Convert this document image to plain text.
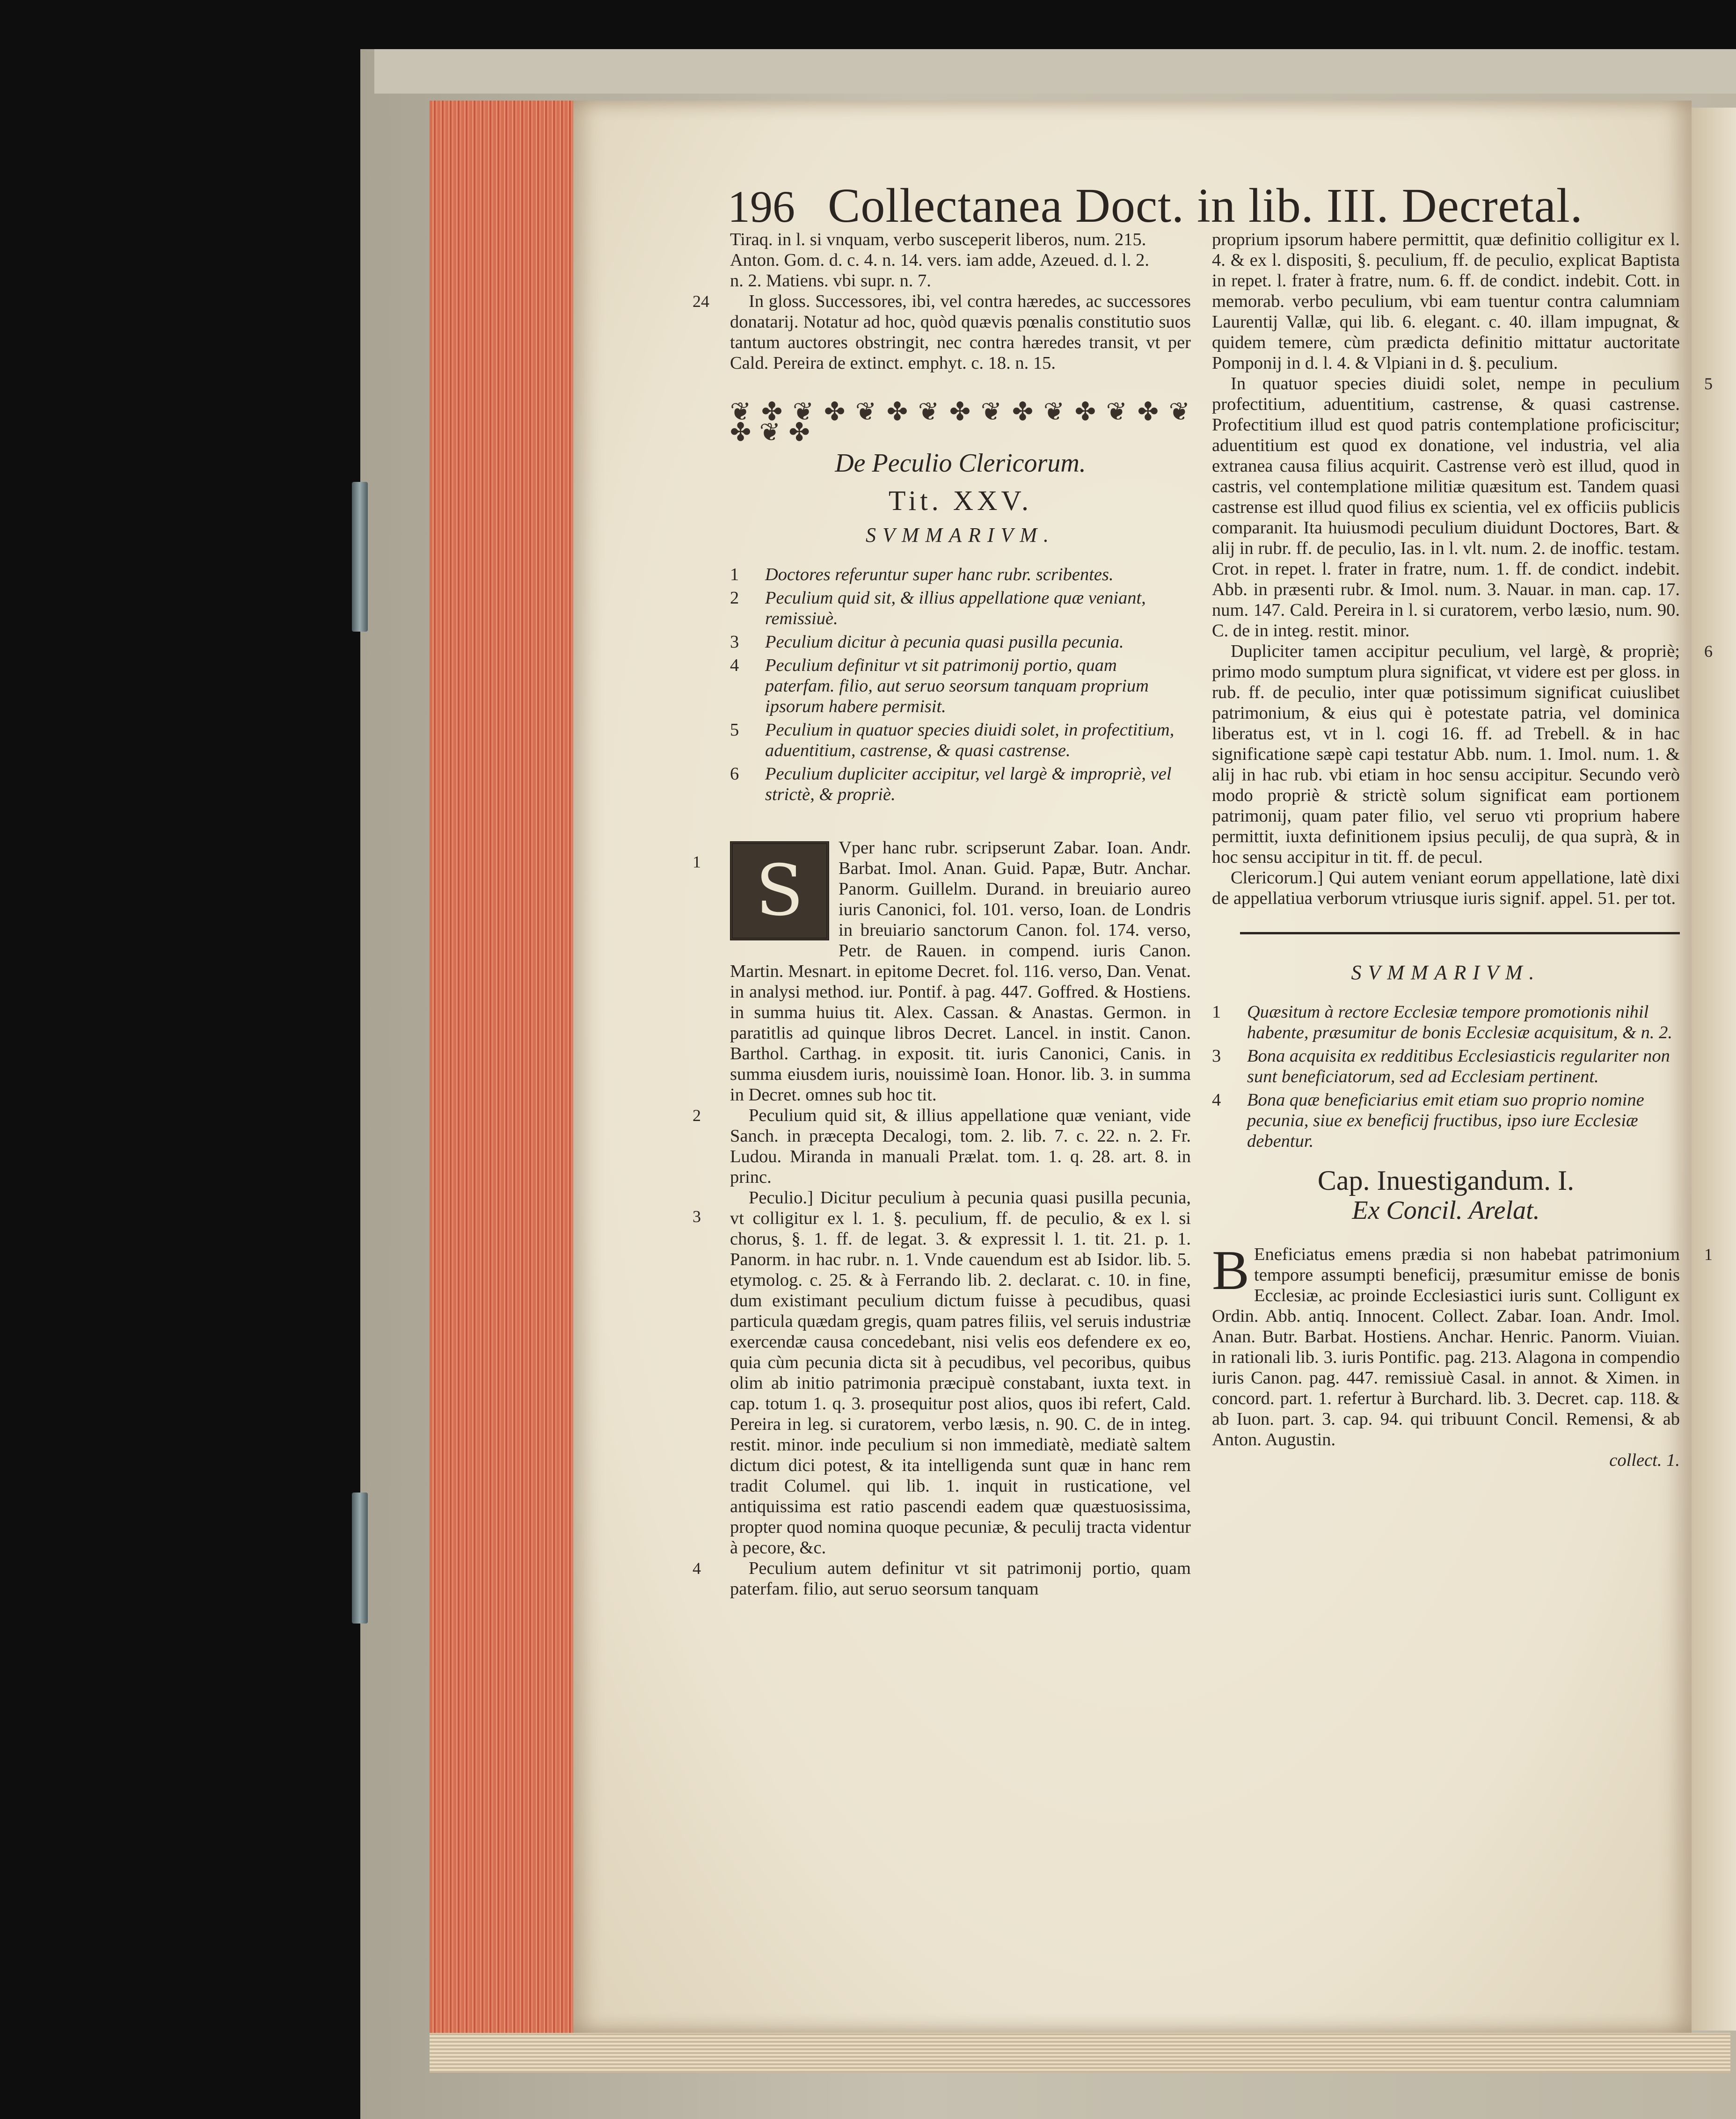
196 Collectanea Doct. in lib. III. Decretal.

Tiraq. in l. si vnquam, verbo susceperit liberos, num. 215.

Anton. Gom. d. c. 4. n. 14. vers. iam adde, Azeued. d. l. 2.

n. 2. Matiens. vbi supr. n. 7.

24	In gloss. Successores, ibi, vel contra hæredes, ac successores donatarij. Notatur ad hoc, quòd quævis pœnalis constitutio suos tantum auctores obstringit, nec contra hæredes transit, vt per Cald. Pereira de extinct. emphyt. c. 18. n. 15.

❦ ✤ ❦ ✤ ❦ ✤ ❦ ✤ ❦ ✤ ❦ ✤ ❦ ✤ ❦ ✤ ❦ ✤
De Peculio Clericorum.
Tit. XXV.
SVMMARIVM.
1	Doctores referuntur super hanc rubr. scribentes.
2	Peculium quid sit, & illius appellatione quæ veniant, remissiuè.
3	Peculium dicitur à pecunia quasi pusilla pecunia.
4	Peculium definitur vt sit patrimonij portio, quam paterfam. filio, aut seruo seorsum tanquam proprium ipsorum habere permisit.
5	Peculium in quatuor species diuidi solet, in profectitium, aduentitium, castrense, & quasi castrense.
6	Peculium dupliciter accipitur, vel largè & impropriè, vel strictè, & propriè.
1 S

Vper hanc rubr. scripserunt Zabar. Ioan. Andr. Barbat. Imol. Anan. Guid. Papæ, Butr. Anchar. Panorm. Guillelm. Durand. in breuiario aureo iuris Canonici, fol. 101. verso, Ioan. de Londris in breuiario sanctorum Canon. fol. 174. verso, Petr. de Rauen. in compend. iuris Canon. Martin. Mesnart. in epitome Decret. fol. 116. verso, Dan. Venat. in analysi method. iur. Pontif. à pag. 447. Goffred. & Hostiens. in summa huius tit. Alex. Cassan. & Anastas. Germon. in paratitlis ad quinque libros Decret. Lancel. in instit. Canon. Barthol. Carthag. in exposit. tit. iuris Canonici, Canis. in summa eiusdem iuris, nouissimè Ioan. Honor. lib. 3. in summa in Decret. omnes sub hoc tit.

2	Peculium quid sit, & illius appellatione quæ veniant, vide Sanch. in præcepta Decalogi, tom. 2. lib. 7. c. 22. n. 2. Fr. Ludou. Miranda in manuali Prælat. tom. 1. q. 28. art. 8. in princ.

3

Peculio.] Dicitur peculium à pecunia quasi pusilla pecunia, vt colligitur ex l. 1. §. peculium, ff. de peculio, & ex l. si chorus, §. 1. ff. de legat. 3. & expressit l. 1. tit. 21. p. 1. Panorm. in hac rubr. n. 1. Vnde cauendum est ab Isidor. lib. 5. etymolog. c. 25. & à Ferrando lib. 2. declarat. c. 10. in fine, dum existimant peculium dictum fuisse à pecudibus, quasi particula quædam gregis, quam patres filiis, vel seruis industriæ exercendæ causa concedebant, nisi velis eos defendere ex eo, quia cùm pecunia dicta sit à pecudibus, vel pecoribus, quibus olim ab initio patrimonia præcipuè constabant, iuxta text. in cap. totum 1. q. 3. prosequitur post alios, quos ibi refert, Cald. Pereira in leg. si curatorem, verbo læsis, n. 90. C. de in integ. restit. minor. inde peculium si non immediatè, mediatè saltem dictum dici potest, & ita intelligenda sunt quæ in hanc rem tradit Columel. qui lib. 1. inquit in rusticatione, vel antiquissima est ratio pascendi eadem quæ quæstuosissima, propter quod nomina quoque pecuniæ, & peculij tracta videntur à pecore, &c.

4	Peculium autem definitur vt sit patrimonij portio, quam paterfam. filio, aut seruo seorsum tanquam

proprium ipsorum habere permittit, quæ definitio colligitur ex l. 4. & ex l. dispositi, §. peculium, ff. de peculio, explicat Baptista in repet. l. frater à fratre, num. 6. ff. de condict. indebit. Cott. in memorab. verbo peculium, vbi eam tuentur contra calumniam Laurentij Vallæ, qui lib. 6. elegant. c. 40. illam impugnat, & quidem temere, cùm prædicta definitio mittatur auctoritate Pomponij in d. l. 4. & Vlpiani in d. §. peculium.

5

In quatuor species diuidi solet, nempe in peculium profectitium, aduentitium, castrense, & quasi castrense. Profectitium illud est quod patris contemplatione proficiscitur; aduentitium est quod ex donatione, vel industria, vel alia extranea causa filius acquirit. Castrense verò est illud, quod in castris, vel contemplatione militiæ quæsitum est. Tandem quasi castrense est illud quod filius ex scientia, vel ex officiis publicis comparanit. Ita huiusmodi peculium diuidunt Doctores, Bart. & alij in rubr. ff. de peculio, Ias. in l. vlt. num. 2. de inoffic. testam. Crot. in repet. l. frater in fratre, num. 1. ff. de condict. indebit. Abb. in præsenti rubr. & Imol. num. 3. Nauar. in man. cap. 17. num. 147. Cald. Pereira in l. si curatorem, verbo læsio, num. 90. C. de in integ. restit. minor.

6

Dupliciter tamen accipitur peculium, vel largè, & propriè; primo modo sumptum plura significat, vt videre est per gloss. in rub. ff. de peculio, inter quæ potissimum significat cuiuslibet patrimonium, & eius qui è potestate patria, vel dominica liberatus est, vt in l. cogi 16. ff. ad Trebell. & in hac significatione sæpè capi testatur Abb. num. 1. Imol. num. 1. & alij in hac rub. vbi etiam in hoc sensu accipitur. Secundo verò modo propriè & strictè solum significat eam portionem patrimonij, quam pater filio, vel seruo vti proprium habere permittit, iuxta definitionem ipsius peculij, de qua suprà, & in hoc sensu accipitur in tit. ff. de pecul.

Clericorum.] Qui autem veniant eorum appellatione, latè dixi de appellatiua verborum vtriusque iuris signif. appel. 51. per tot.

SVMMARIVM.
1	Quæsitum à rectore Ecclesiæ tempore promotionis nihil habente, præsumitur de bonis Ecclesiæ acquisitum, & n. 2.
3	Bona acquisita ex redditibus Ecclesiasticis regulariter non sunt beneficiatorum, sed ad Ecclesiam pertinent.
4	Bona quæ beneficiarius emit etiam suo proprio nomine pecunia, siue ex beneficij fructibus, ipso iure Ecclesiæ debentur.
Cap. Inuestigandum. I.
Ex Concil. Arelat.
1
B Eneficiatus emens prædia si non habebat patrimonium tempore assumpti beneficij, præsumitur emisse de bonis Ecclesiæ, ac proinde Ecclesiastici iuris sunt. Colligunt ex Ordin. Abb. antiq. Innocent. Collect. Zabar. Ioan. Andr. Imol. Anan. Butr. Barbat. Hostiens. Anchar. Henric. Panorm. Viuian. in rationali lib. 3. iuris Pontific. pag. 213. Alagona in compendio iuris Canon. pag. 447. remissiuè Casal. in annot. & Ximen. in concord. part. 1. refertur à Burchard. lib. 3. Decret. cap. 118. & ab Iuon. part. 3. cap. 94. qui tribuunt Concil. Remensi, & ab Anton. Augustin.

collect. 1.
